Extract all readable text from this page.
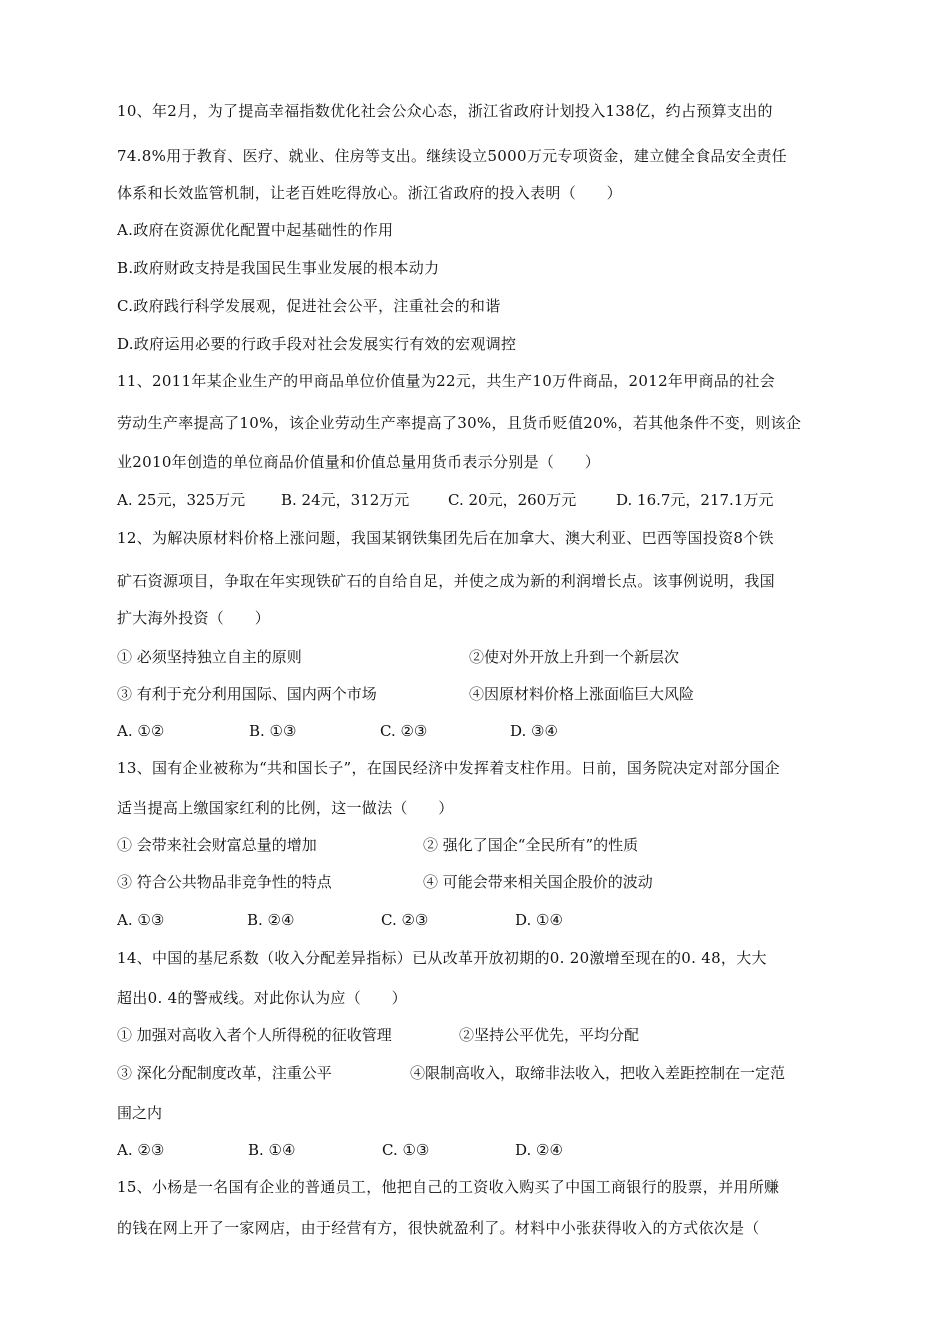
10、年2月，为了提高幸福指数优化社会公众心态，浙江省政府计划投入138亿，约占预算支出的
74.8%用于教育、医疗、就业、住房等支出。继续设立5000万元专项资金，建立健全食品安全责任
体系和长效监管机制，让老百姓吃得放心。浙江省政府的投入表明（　　）
A.政府在资源优化配置中起基础性的作用
B.政府财政支持是我国民生事业发展的根本动力
C.政府践行科学发展观，促进社会公平，注重社会的和谐
D.政府运用必要的行政手段对社会发展实行有效的宏观调控
11、2011年某企业生产的甲商品单位价值量为22元，共生产10万件商品，2012年甲商品的社会
劳动生产率提高了10%，该企业劳动生产率提高了30%，且货币贬值20%，若其他条件不变，则该企
业2010年创造的单位商品价值量和价值总量用货币表示分别是（　　）
A. 25元，325万元 B. 24元，312万元	C. 20元，260万元	D. 16.7元，217.1万元
12、为解决原材料价格上涨问题，我国某钢铁集团先后在加拿大、澳大利亚、巴西等国投资8个铁
矿石资源项目，争取在年实现铁矿石的自给自足，并使之成为新的利润增长点。该事例说明，我国
扩大海外投资（　　）
① 必须坚持独立自主的原则	②使对外开放上升到一个新层次
③ 有利于充分利用国际、国内两个市场	④因原材料价格上涨面临巨大风险
A. ①②	B. ①③	C. ②③	D. ③④
13、国有企业被称为“共和国长子”，在国民经济中发挥着支柱作用。日前，国务院决定对部分国企
适当提高上缴国家红利的比例，这一做法（　　）
① 会带来社会财富总量的增加	② 强化了国企“全民所有”的性质
③ 符合公共物品非竞争性的特点	④ 可能会带来相关国企股价的波动
A. ①③	B. ②④	C. ②③	D. ①④
14、中国的基尼系数（收入分配差异指标）已从改革开放初期的0. 20激增至现在的0. 48，大大
超出0. 4的警戒线。对此你认为应（　　）
① 加强对高收入者个人所得税的征收管理	②坚持公平优先，平均分配
③ 深化分配制度改革，注重公平	④限制高收入，取缔非法收入，把收入差距控制在一定范
围之内
A. ②③	B. ①④	C. ①③	D. ②④
15、小杨是一名国有企业的普通员工，他把自己的工资收入购买了中国工商银行的股票，并用所赚
的钱在网上开了一家网店，由于经营有方，很快就盈利了。材料中小张获得收入的方式依次是（
